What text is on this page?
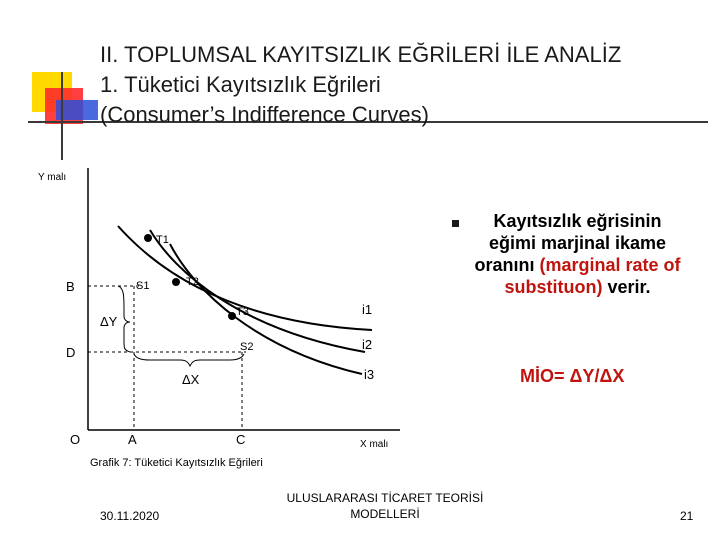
II. TOPLUMSAL KAYITSIZLIK EĞRİLERİ İLE ANALİZ
1. Tüketici Kayıtsızlık Eğrileri
(Consumer’s Indifference Curves)
Y malı
X malı
O
T1
T2
T3
S1
S2
B
D
A	C
ΔY
ΔX
i1
i2
i3
Grafik 7: Tüketici Kayıtsızlık Eğrileri
Kayıtsızlık eğrisinin eğimi marjinal ikame oranını (marginal rate of substituon) verir.
MİO= ΔY/ΔX
30.11.2020
ULUSLARARASI TİCARET TEORİSİ
MODELLERİ	21
